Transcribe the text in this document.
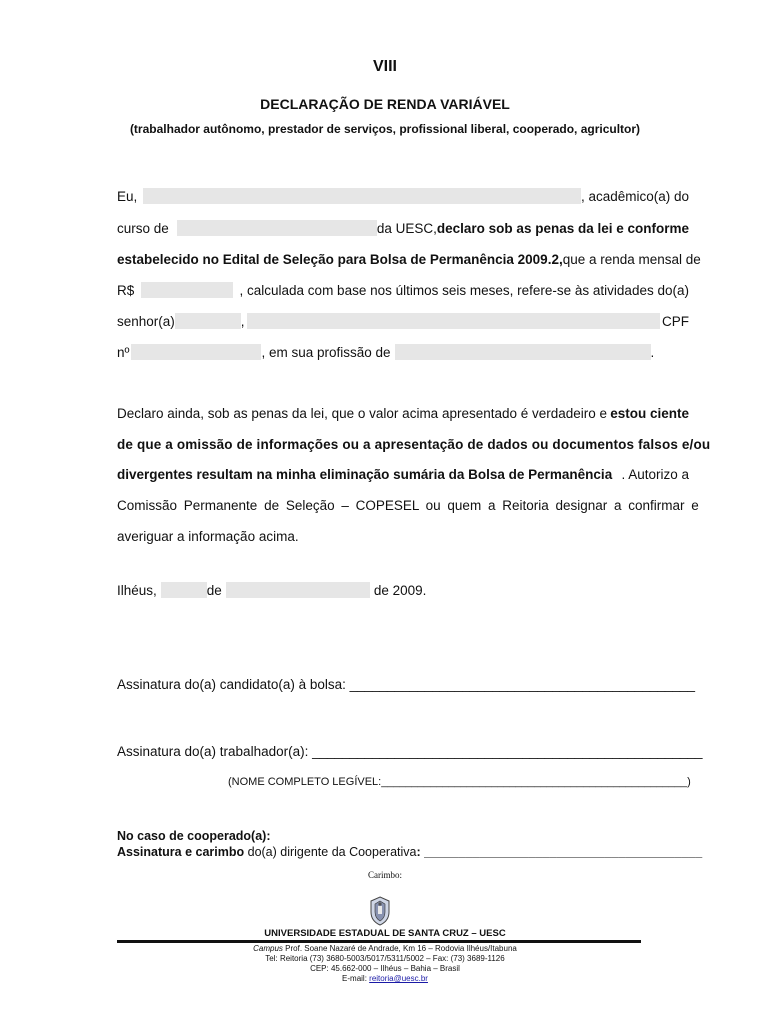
VIII
DECLARAÇÃO DE RENDA VARIÁVEL
(trabalhador autônomo, prestador de serviços, profissional liberal, cooperado, agricultor)
Eu,	, acadêmico(a) do
curso de	da UESC, declaro sob as penas da lei e conforme
estabelecido no Edital de Seleção para Bolsa de Permanência 2009.2, que a renda mensal de
R$	, calculada com base nos últimos seis meses, refere-se às atividades do(a)
senhor(a)	,	CPF
nº	, em sua profissão de	.
Declaro ainda, sob as penas da lei, que o valor acima apresentado é verdadeiro e estou ciente
de que a omissão de informações ou a apresentação de dados ou documentos falsos e/ou
divergentes resultam na minha eliminação sumária da Bolsa de Permanência . Autorizo a
Comissão Permanente de Seleção – COPESEL ou quem a Reitoria designar a confirmar e
averiguar a informação acima.
Ilhéus,	de	de 2009.
Assinatura do(a) candidato(a) à bolsa: ______________________________________________
Assinatura do(a) trabalhador(a): ____________________________________________________
(NOME COMPLETO LEGÍVEL:__________________________________________________)
No caso de cooperado(a):
Assinatura e carimbo do(a) dirigente da Cooperativa: ________________________________________
Carimbo:
UNIVERSIDADE ESTADUAL DE SANTA CRUZ – UESC
Campus Prof. Soane Nazaré de Andrade, Km 16 – Rodovia Ilhéus/Itabuna
Tel: Reitoria (73) 3680-5003/5017/5311/5002 – Fax: (73) 3689-1126
CEP: 45.662-000 – Ilhéus – Bahia – Brasil
E-mail: reitoria@uesc.br
